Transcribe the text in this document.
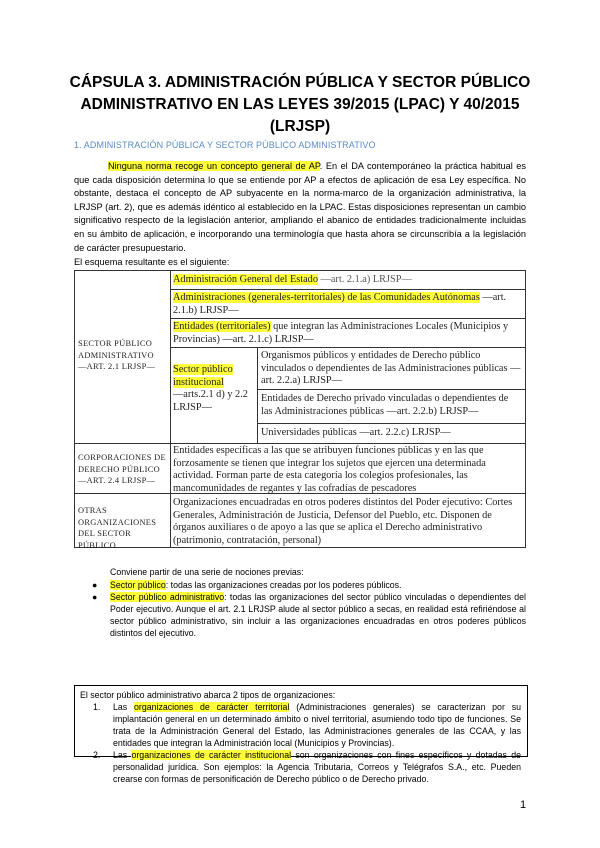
CÁPSULA 3. ADMINISTRACIÓN PÚBLICA Y SECTOR PÚBLICO
ADMINISTRATIVO EN LAS LEYES 39/2015 (LPAC) Y 40/2015
(LRJSP)
1. ADMINISTRACIÓN PÚBLICA Y SECTOR PÚBLICO ADMINISTRATIVO
Ninguna norma recoge un concepto general de AP. En el DA contemporáneo la práctica habitual es que cada disposición determina lo que se entiende por AP a efectos de aplicación de esa Ley específica. No obstante, destaca el concepto de AP subyacente en la norma-marco de la organización administrativa, la LRJSP (art. 2), que es además idéntico al establecido en la LPAC. Estas disposiciones representan un cambio significativo respecto de la legislación anterior, ampliando el abanico de entidades tradicionalmente incluidas en su ámbito de aplicación, e incorporando una terminología que hasta ahora se circunscribía a la legislación de carácter presupuestario.
El esquema resultante es el siguiente:
SECTOR PÚBLICO
ADMINISTRATIVO
—ART. 2.1 LRJSP—
Administración General del Estado —art. 2.1.a) LRJSP—
Administraciones (generales-territoriales) de las Comunidades Autónomas —art. 2.1.b) LRJSP—
Entidades (territoriales) que integran las Administraciones Locales (Municipios y Provincias) —art. 2.1.c) LRJSP—
Sector público
institucional
—arts.2.1 d) y 2.2
LRJSP—
Organismos públicos y entidades de Derecho público vinculados o dependientes de las Administraciones públicas —art. 2.2.a) LRJSP—
Entidades de Derecho privado vinculadas o dependientes de las Administraciones públicas —art. 2.2.b) LRJSP—
Universidades públicas —art. 2.2.c) LRJSP—
CORPORACIONES DE
DERECHO PÚBLICO
—ART. 2.4 LRJSP—
Entidades específicas a las que se atribuyen funciones públicas y en las que forzosamente se tienen que integrar los sujetos que ejercen una determinada actividad. Forman parte de esta categoría los colegios profesionales, las mancomunidades de regantes y las cofradías de pescadores
OTRAS
ORGANIZACIONES
DEL SECTOR PÚBLICO
Organizaciones encuadradas en otros poderes distintos del Poder ejecutivo: Cortes Generales, Administración de Justicia, Defensor del Pueblo, etc. Disponen de órganos auxiliares o de apoyo a las que se aplica el Derecho administrativo (patrimonio, contratación, personal)
Conviene partir de una serie de nociones previas:
● Sector público: todas las organizaciones creadas por los poderes públicos.
● Sector público administrativo: todas las organizaciones del sector público vinculadas o dependientes del Poder ejecutivo. Aunque el art. 2.1 LRJSP alude al sector público a secas, en realidad está refiriéndose al sector público administrativo, sin incluir a las organizaciones encuadradas en otros poderes públicos distintos del ejecutivo.
El sector público administrativo abarca 2 tipos de organizaciones:
1. Las organizaciones de carácter territorial (Administraciones generales) se caracterizan por su implantación general en un determinado ámbito o nivel territorial, asumiendo todo tipo de funciones. Se trata de la Administración General del Estado, las Administraciones generales de las CCAA, y las entidades que integran la Administración local (Municipios y Provincias).
2. Las organizaciones de carácter institucional son organizaciones con fines específicos y dotadas de personalidad jurídica. Son ejemplos: la Agencia Tributaria, Correos y Telégrafos S.A., etc. Pueden crearse con formas de personificación de Derecho público o de Derecho privado.
1
